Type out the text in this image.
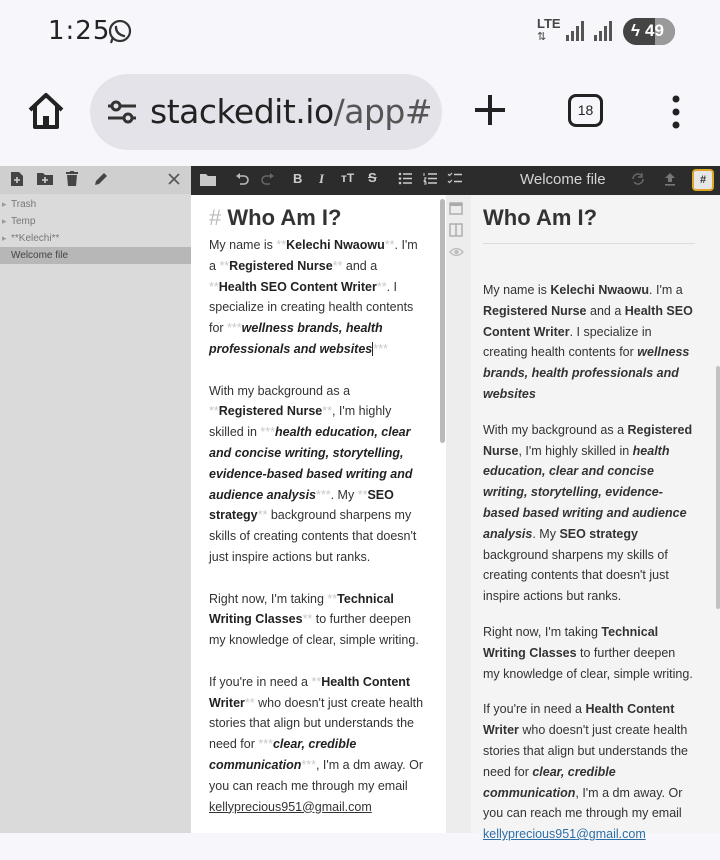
1:25	LTE
⇅	ϟ 49
stackedit.io/app#	18
▸ Trash
▸ Temp
▸ **Kelechi**
Welcome file
B I тТ S	Welcome file	#
# Who Am I?
My name is **Kelechi Nwaowu**. I'm a **Registered Nurse** and a **Health SEO Content Writer**. I specialize in creating health contents for ***wellness brands, health professionals and websites***
With my background as a **Registered Nurse**, I'm highly skilled in ***health education, clear and concise writing, storytelling, evidence-based based writing and audience analysis***. My **SEO strategy** background sharpens my skills of creating contents that doesn't just inspire actions but ranks.
Right now, I'm taking **Technical Writing Classes** to further deepen my knowledge of clear, simple writing.
If you're in need a **Health Content Writer** who doesn't just create health stories that align but understands the need for ***clear, credible communication***, I'm a dm away. Or you can reach me through my email kellyprecious951@gmail.com
Who Am I?
My name is Kelechi Nwaowu. I'm a Registered Nurse and a Health SEO Content Writer. I specialize in creating health contents for wellness brands, health professionals and websites
With my background as a Registered Nurse, I'm highly skilled in health education, clear and concise writing, storytelling, evidence-based based writing and audience analysis. My SEO strategy background sharpens my skills of creating contents that doesn't just inspire actions but ranks.
Right now, I'm taking Technical Writing Classes to further deepen my knowledge of clear, simple writing.
If you're in need a Health Content Writer who doesn't just create health stories that align but understands the need for clear, credible communication, I'm a dm away. Or you can reach me through my email kellyprecious951@gmail.com
